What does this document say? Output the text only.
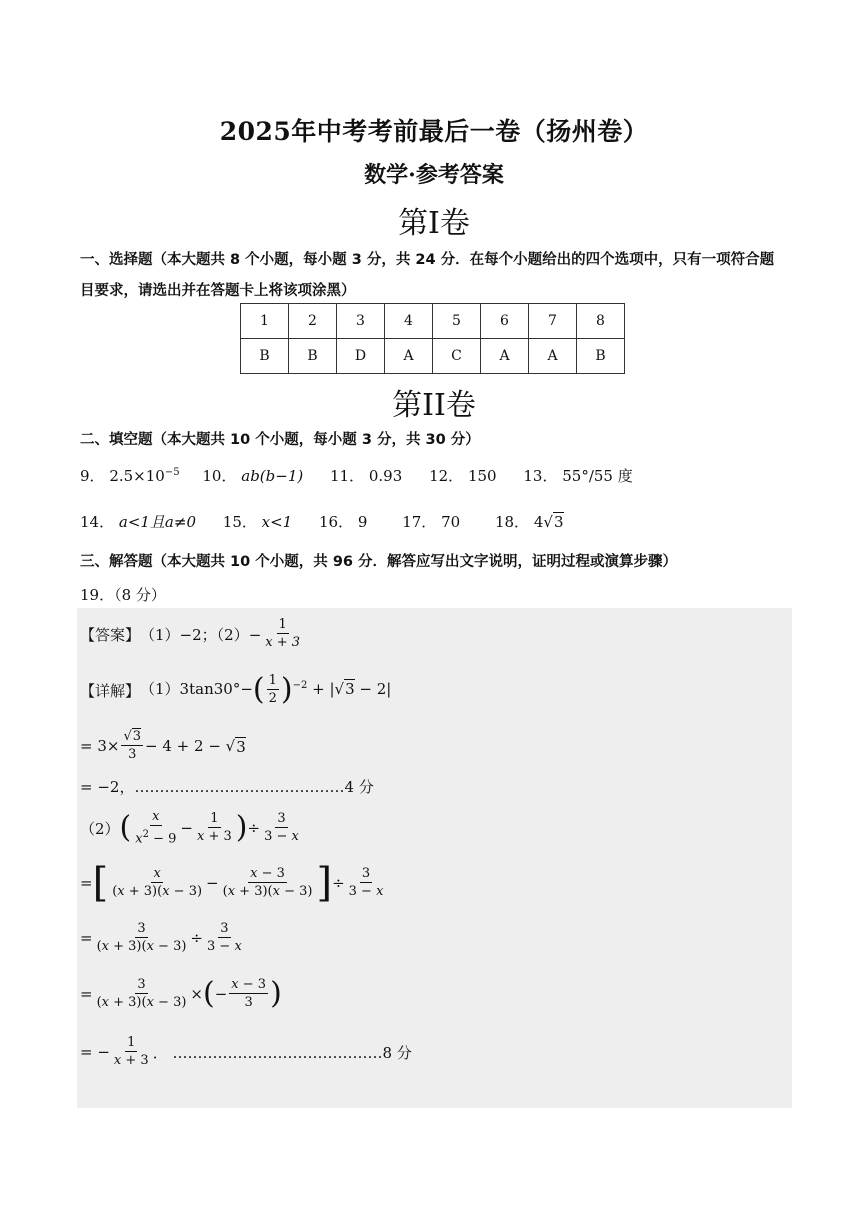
2025年中考考前最后一卷（扬州卷）
数学·参考答案
第I卷
一、选择题（本大题共 8 个小题，每小题 3 分，共 24 分．在每个小题给出的四个选项中，只有一项符合题
目要求，请选出并在答题卡上将该项涂黑）
1	2	3	4	5	6	7	8
B	B	D	A	C	A	A	B
第II卷
二、填空题（本大题共 10 个小题，每小题 3 分，共 30 分）
9． $2.5\times 10^{-5}$ 10． ab(b−1) 11． 0.93 12． 150 13． 55°/55 度
14． a<1且a≠0 15． x<1 16． 9 17． 70 18． 4√3
三、解答题（本大题共 10 个小题，共 96 分．解答应写出文字说明，证明过程或演算步骤）
19．（8 分）
【答案】 （1）−2；$(2)- \frac{1}{x + 3}$
【详解】 $(1)3\tan 30^\circ-( \frac{1}{2} )^{-2} + |√3 - 2|$
= $3\times \frac{√3}{3} - 4 + 2$ − √ 3
= −2，……………………………………4 分
（2） ( $\frac{x}{x^2 - 9} - \frac{1}{x + 3}$ ) ÷ $\frac{3}{3 - x}$
= [ $\frac{x}{(x + 3)(x - 3)} - \frac{x - 3}{(x + 3)(x - 3)}$ ] ÷ $\frac{3}{3 - x}$
= $\frac{3}{(x + 3)(x - 3)} \div \frac{3}{3 - x}$
= $\frac{3}{(x + 3)(x - 3)}$ × ( − $\frac{x - 3}{3}$ )
= − $\frac{1}{x + 3}$ ． ……………………………………8 分
